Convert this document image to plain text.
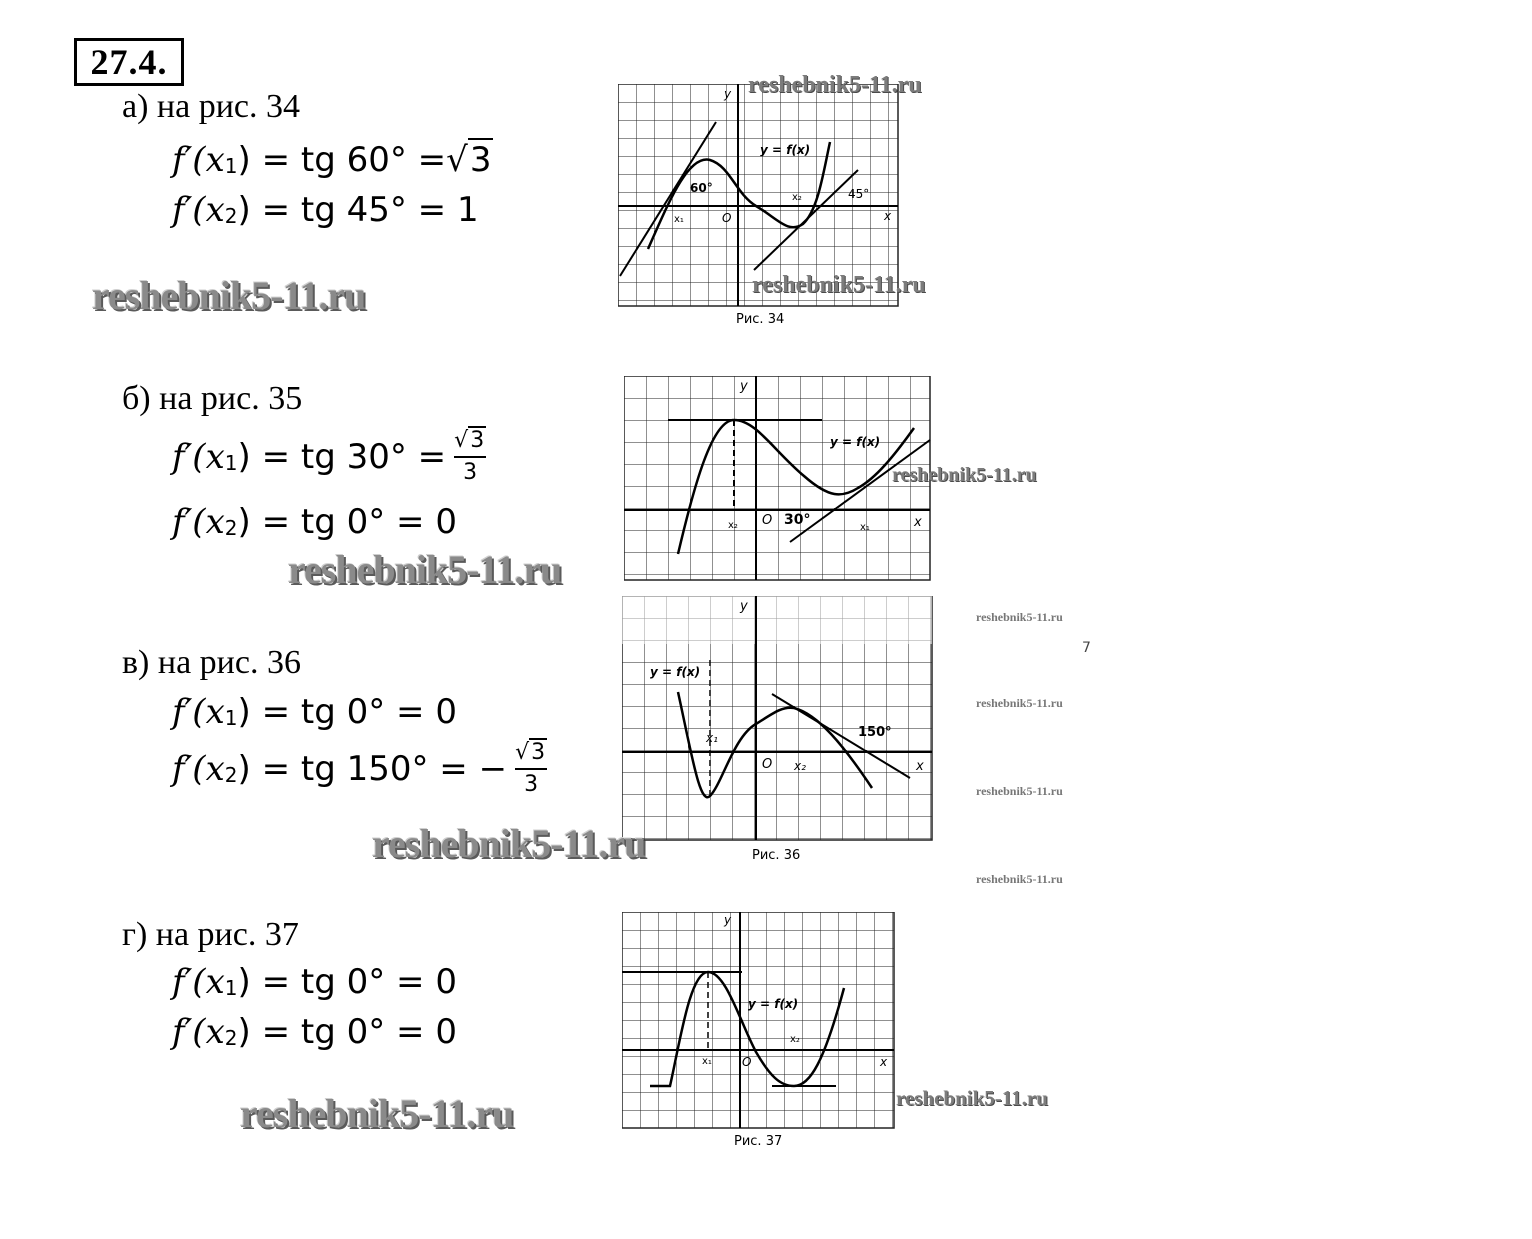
27.4.
а) на рис. 34
f′( $x_1$ ) = tg 60° = √3
f′( $x_2$ ) = tg 45° = 1
60°	45°
y = f(x)
x₁
x₂
O	x
y
Рис. 34
reshebnik5-11.ru
reshebnik5-11.ru
reshebnik5-11.ru
б) на рис. 35
f′( $x_1$ ) = tg $30^\circ = \frac{√3}{3}$
f′( $x_2$ ) = tg 0° = 0	30°
y = f(x)
x₁
x₂ O	x
y
reshebnik5-11.ru
reshebnik5-11.ru
в) на рис. 36
f′( $x_1$ ) = tg 0° = 0
f′( $x_2$ ) = tg 150° = − $\frac{√3}{3}$
150°
y = f(x)
x₁
x₂
O	x
y
Рис. 36
reshebnik5-11.ru
reshebnik5-11.ru
reshebnik5-11.ru
reshebnik5-11.ru
7
reshebnik5-11.ru
г) на рис. 37
f′( $x_1$ ) = tg 0° = 0
f′( $x_2$ ) = tg 0° = 0
y = f(x)
x₁
x₂
O	x
y
Рис. 37
reshebnik5-11.ru
reshebnik5-11.ru
